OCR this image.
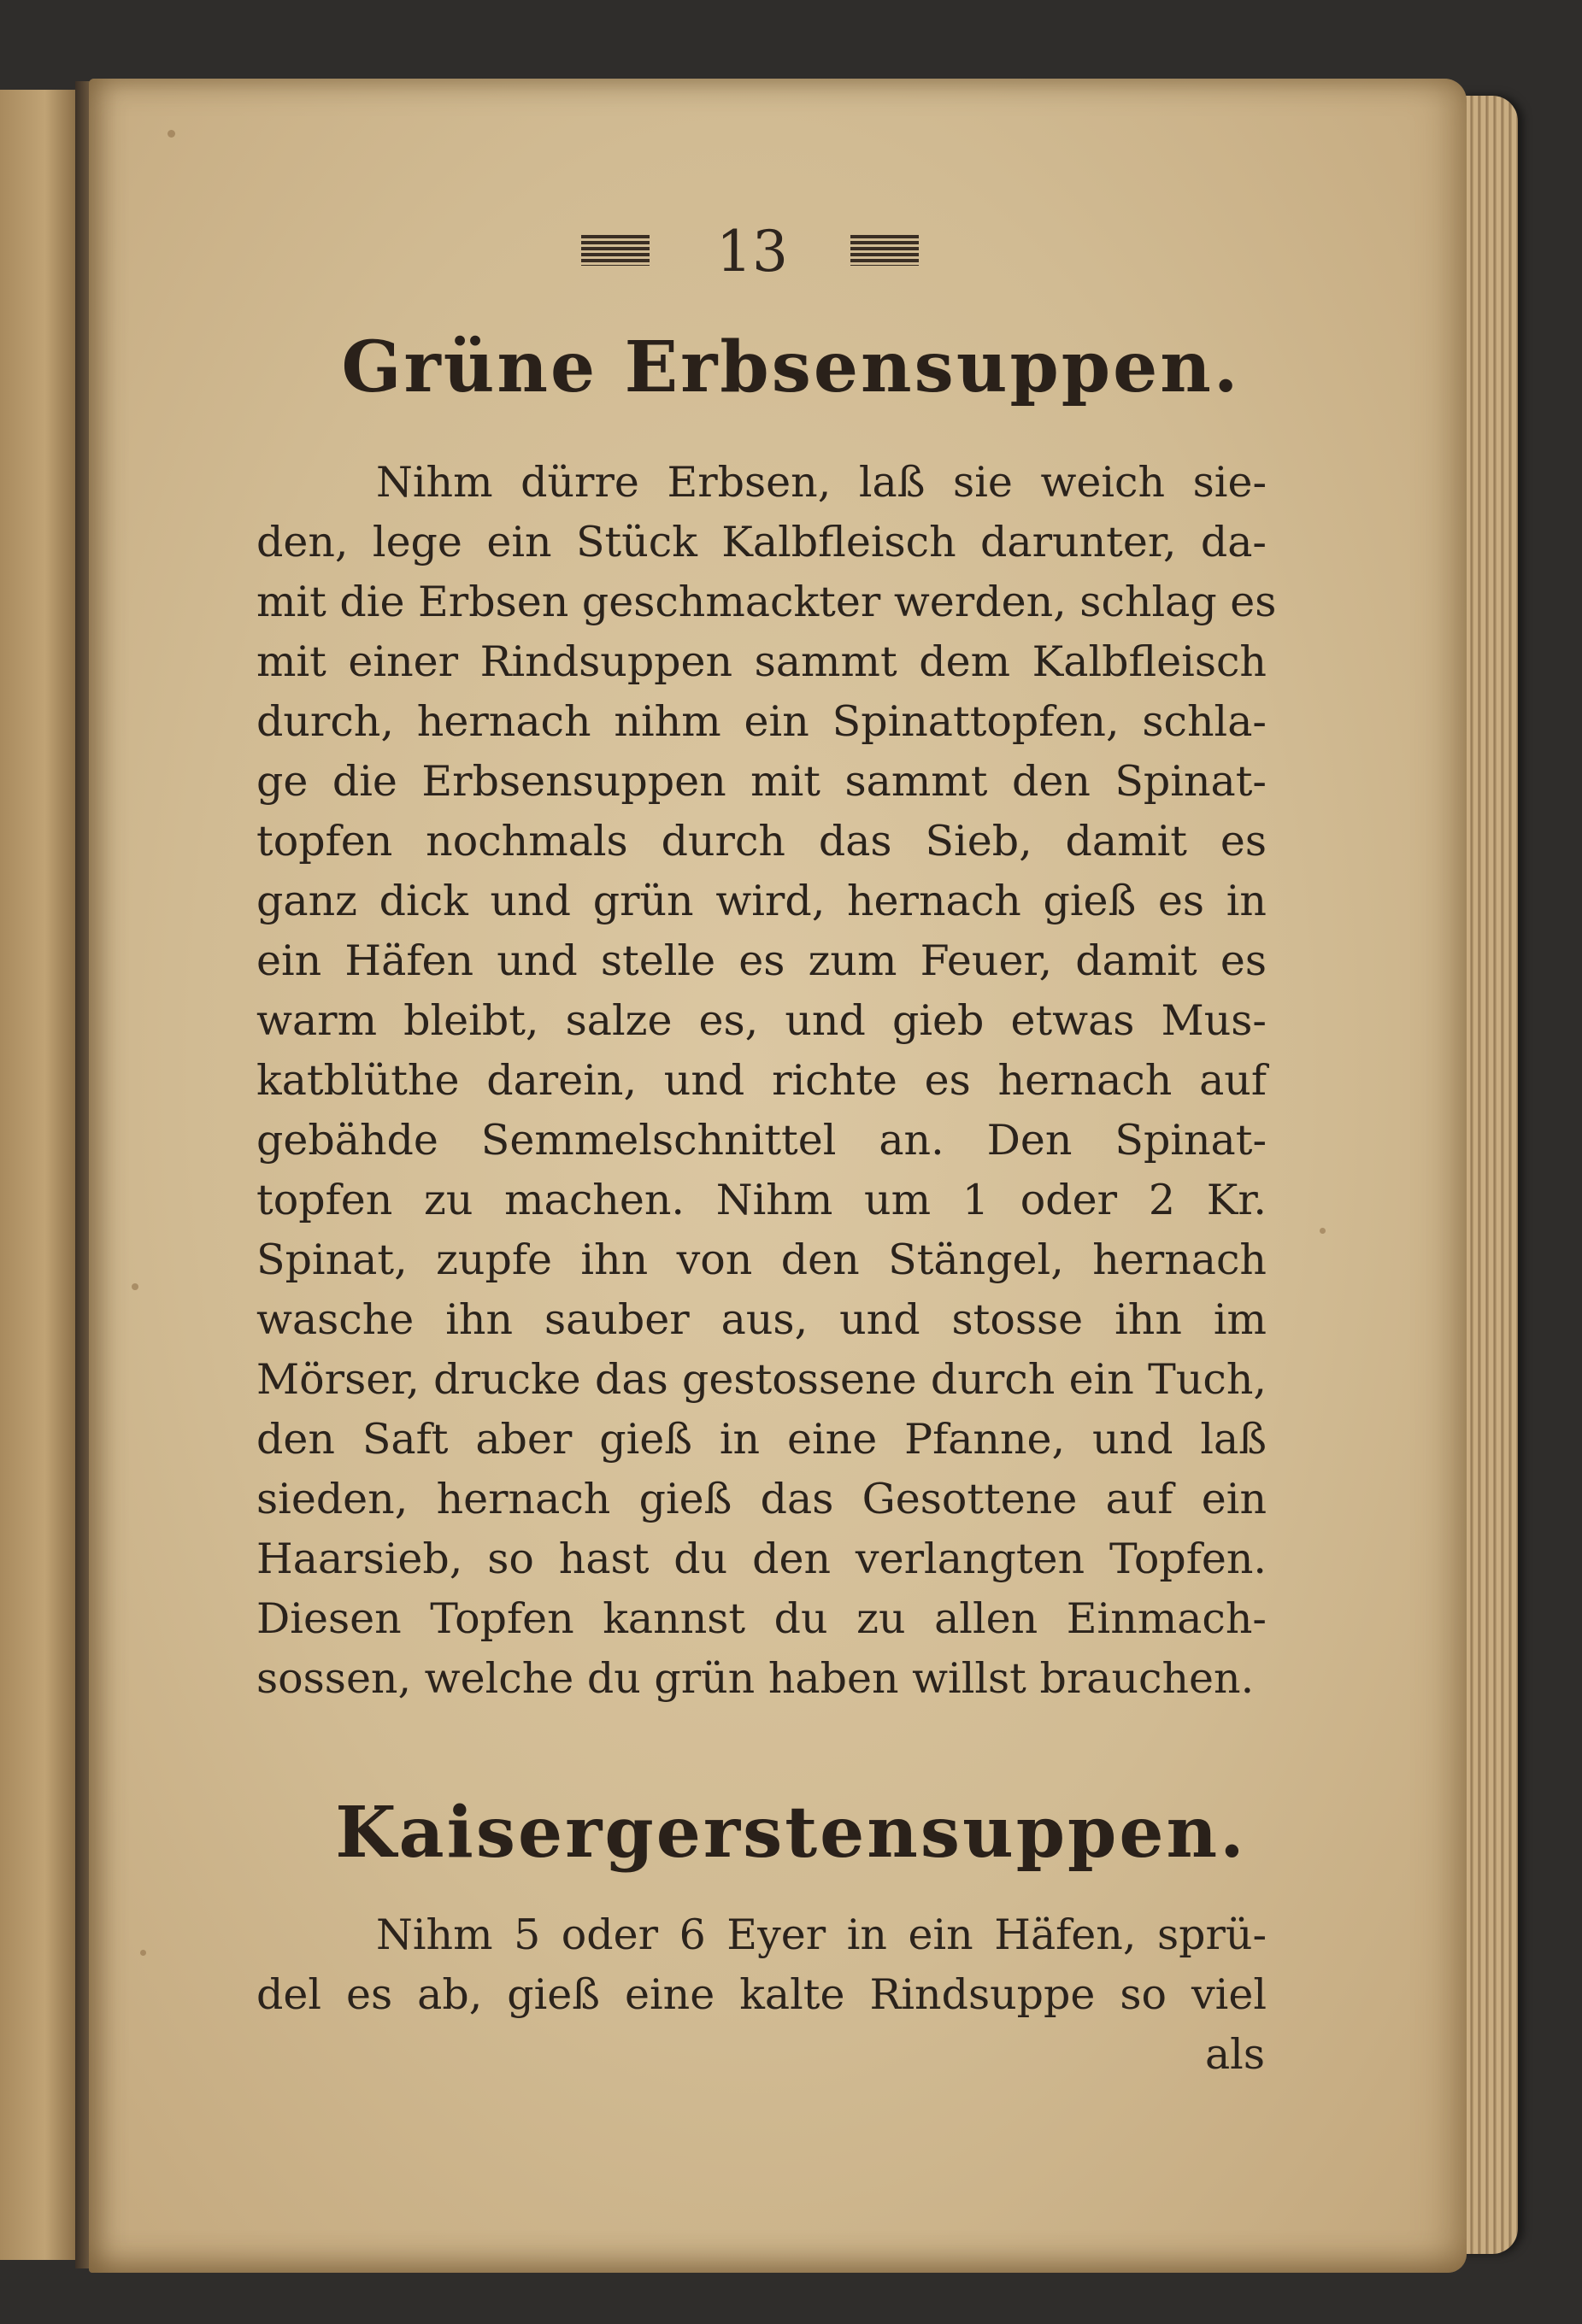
13
Grüne Erbsensuppen.
Nihm dürre Erbsen, laß sie weich sie-
den, lege ein Stück Kalbfleisch darunter, da-
mit die Erbsen geschmackter werden, schlag es
mit einer Rindsuppen sammt dem Kalbfleisch
durch, hernach nihm ein Spinattopfen, schla-
ge die Erbsensuppen mit sammt den Spinat-
topfen nochmals durch das Sieb, damit es
ganz dick und grün wird, hernach gieß es in
ein Häfen und stelle es zum Feuer, damit es
warm bleibt, salze es, und gieb etwas Mus-
katblüthe darein, und richte es hernach auf
gebähde Semmelschnittel an. Den Spinat-
topfen zu machen. Nihm um 1 oder 2 Kr.
Spinat, zupfe ihn von den Stängel, hernach
wasche ihn sauber aus, und stosse ihn im
Mörser, drucke das gestossene durch ein Tuch,
den Saft aber gieß in eine Pfanne, und laß
sieden, hernach gieß das Gesottene auf ein
Haarsieb, so hast du den verlangten Topfen.
Diesen Topfen kannst du zu allen Einmach-
sossen, welche du grün haben willst brauchen.
Kaisergerstensuppen.
Nihm 5 oder 6 Eyer in ein Häfen, sprü-
del es ab, gieß eine kalte Rindsuppe so viel
als
